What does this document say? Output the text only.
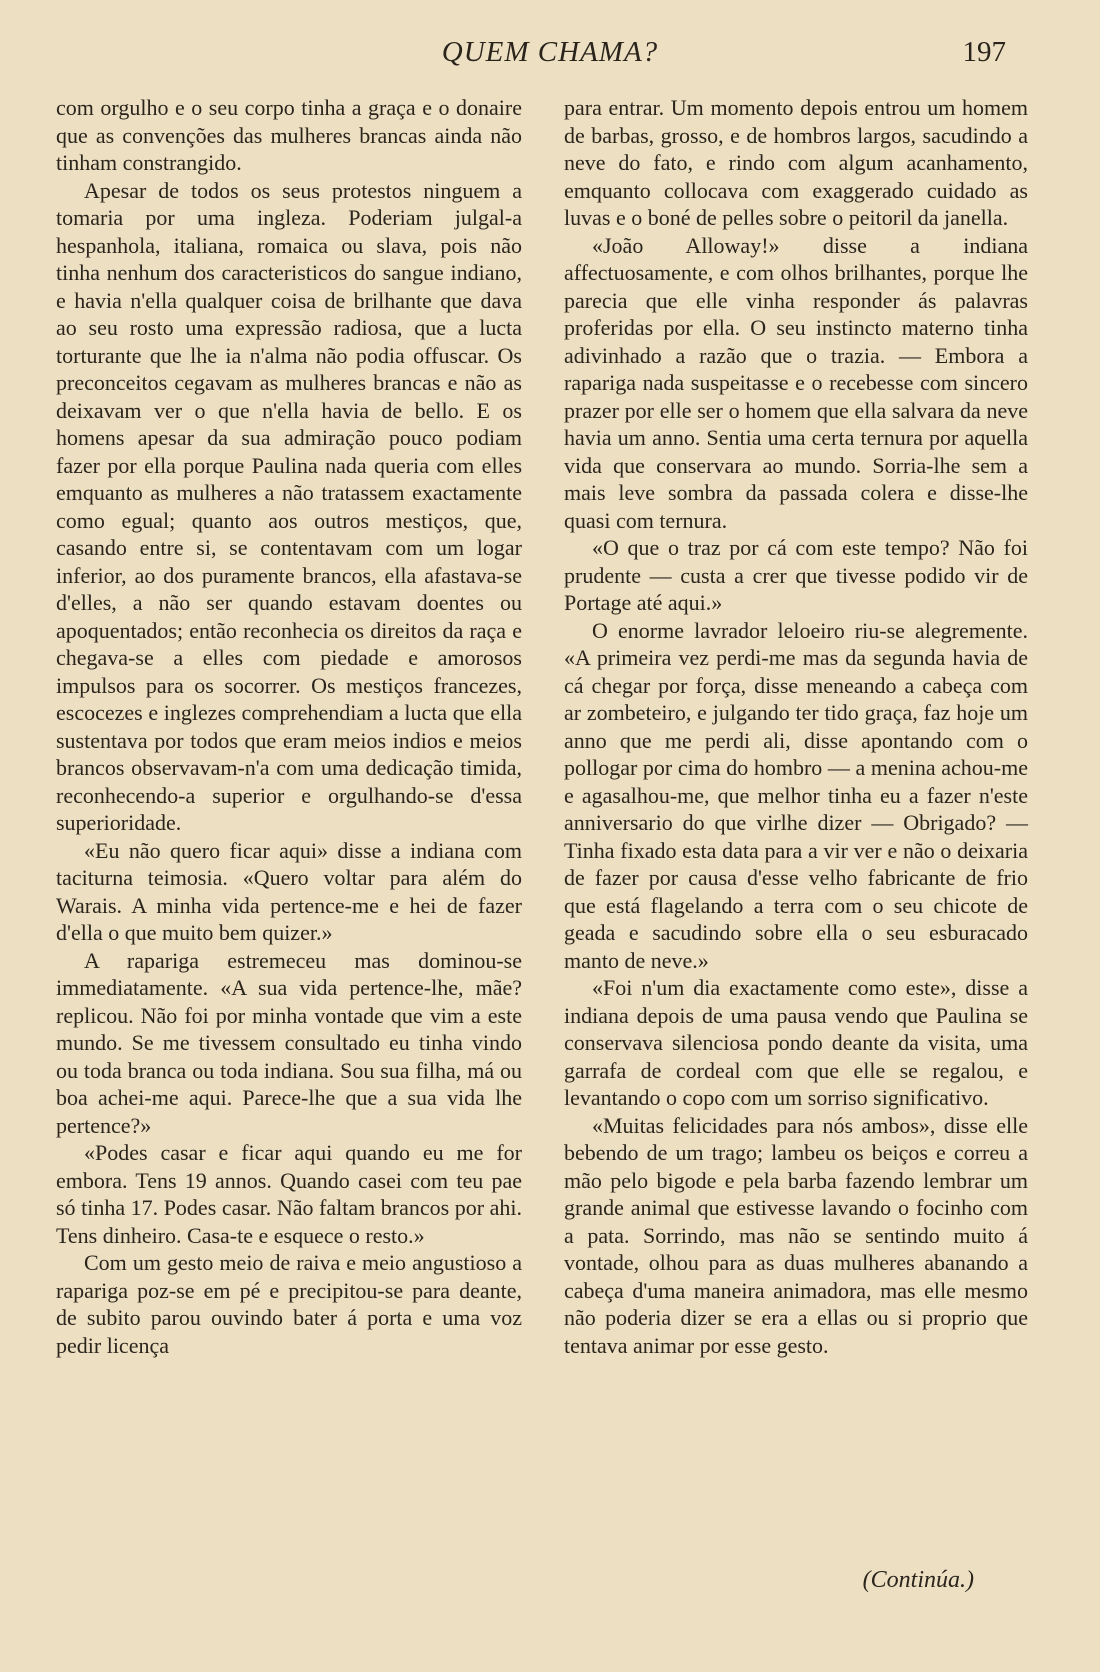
QUEM CHAMA?	197

com orgulho e o seu corpo tinha a graça e o donaire que as convenções das mulheres brancas ainda não tinham constrangido.

Apesar de todos os seus protestos ninguem a tomaria por uma ingleza. Poderiam julgal-a hespanhola, italiana, romaica ou slava, pois não tinha nenhum dos caracteristicos do sangue indiano, e havia n'ella qualquer coisa de brilhante que dava ao seu rosto uma expressão radiosa, que a lucta torturante que lhe ia n'alma não podia offuscar. Os preconceitos cegavam as mulheres brancas e não as deixavam ver o que n'ella havia de bello. E os homens apesar da sua admiração pouco podiam fazer por ella porque Paulina nada queria com elles emquanto as mulheres a não tratassem exactamente como egual; quanto aos outros mestiços, que, casando entre si, se contentavam com um logar inferior, ao dos puramente brancos, ella afastava-se d'elles, a não ser quando estavam doentes ou apoquentados; então reconhecia os direitos da raça e chegava-se a elles com piedade e amorosos impulsos para os socorrer. Os mestiços francezes, escocezes e inglezes comprehendiam a lucta que ella sustentava por todos que eram meios indios e meios brancos observavam-n'a com uma dedicação timida, reconhecendo-a superior e orgulhando-se d'essa superioridade.

«Eu não quero ficar aqui» disse a indiana com taciturna teimosia. «Quero voltar para além do Warais. A minha vida pertence-me e hei de fazer d'ella o que muito bem quizer.»

A rapariga estremeceu mas dominou-se immediatamente. «A sua vida pertence-lhe, mãe? replicou. Não foi por minha vontade que vim a este mundo. Se me tivessem consultado eu tinha vindo ou toda branca ou toda indiana. Sou sua filha, má ou boa achei-me aqui. Parece-lhe que a sua vida lhe pertence?»

«Podes casar e ficar aqui quando eu me for embora. Tens 19 annos. Quando casei com teu pae só tinha 17. Podes casar. Não faltam brancos por ahi. Tens dinheiro. Casa-te e esquece o resto.»

Com um gesto meio de raiva e meio angustioso a rapariga poz-se em pé e precipitou-se para deante, de subito parou ouvindo bater á porta e uma voz pedir licença

para entrar. Um momento depois entrou um homem de barbas, grosso, e de hombros largos, sacudindo a neve do fato, e rindo com algum acanhamento, emquanto collocava com exaggerado cuidado as luvas e o boné de pelles sobre o peitoril da janella.

«João Alloway!» disse a indiana affectuosamente, e com olhos brilhantes, porque lhe parecia que elle vinha responder ás palavras proferidas por ella. O seu instincto materno tinha adivinhado a razão que o trazia. — Embora a rapariga nada suspeitasse e o recebesse com sincero prazer por elle ser o homem que ella salvara da neve havia um anno. Sentia uma certa ternura por aquella vida que conservara ao mundo. Sorria-lhe sem a mais leve sombra da passada colera e disse-lhe quasi com ternura.

«O que o traz por cá com este tempo? Não foi prudente — custa a crer que tivesse podido vir de Portage até aqui.»

O enorme lavrador leloeiro riu-se alegremente. «A primeira vez perdi-me mas da segunda havia de cá chegar por força, disse meneando a cabeça com ar zombeteiro, e julgando ter tido graça, faz hoje um anno que me perdi ali, disse apontando com o pollogar por cima do hombro — a menina achou-me e agasalhou-me, que melhor tinha eu a fazer n'este anniversario do que virlhe dizer — Obrigado? — Tinha fixado esta data para a vir ver e não o deixaria de fazer por causa d'esse velho fabricante de frio que está flagelando a terra com o seu chicote de geada e sacudindo sobre ella o seu esburacado manto de neve.»

«Foi n'um dia exactamente como este», disse a indiana depois de uma pausa vendo que Paulina se conservava silenciosa pondo deante da visita, uma garrafa de cordeal com que elle se regalou, e levantando o copo com um sorriso significativo.

«Muitas felicidades para nós ambos», disse elle bebendo de um trago; lambeu os beiços e correu a mão pelo bigode e pela barba fazendo lembrar um grande animal que estivesse lavando o focinho com a pata. Sorrindo, mas não se sentindo muito á vontade, olhou para as duas mulheres abanando a cabeça d'uma maneira animadora, mas elle mesmo não poderia dizer se era a ellas ou si proprio que tentava animar por esse gesto.

(Continúa.)
